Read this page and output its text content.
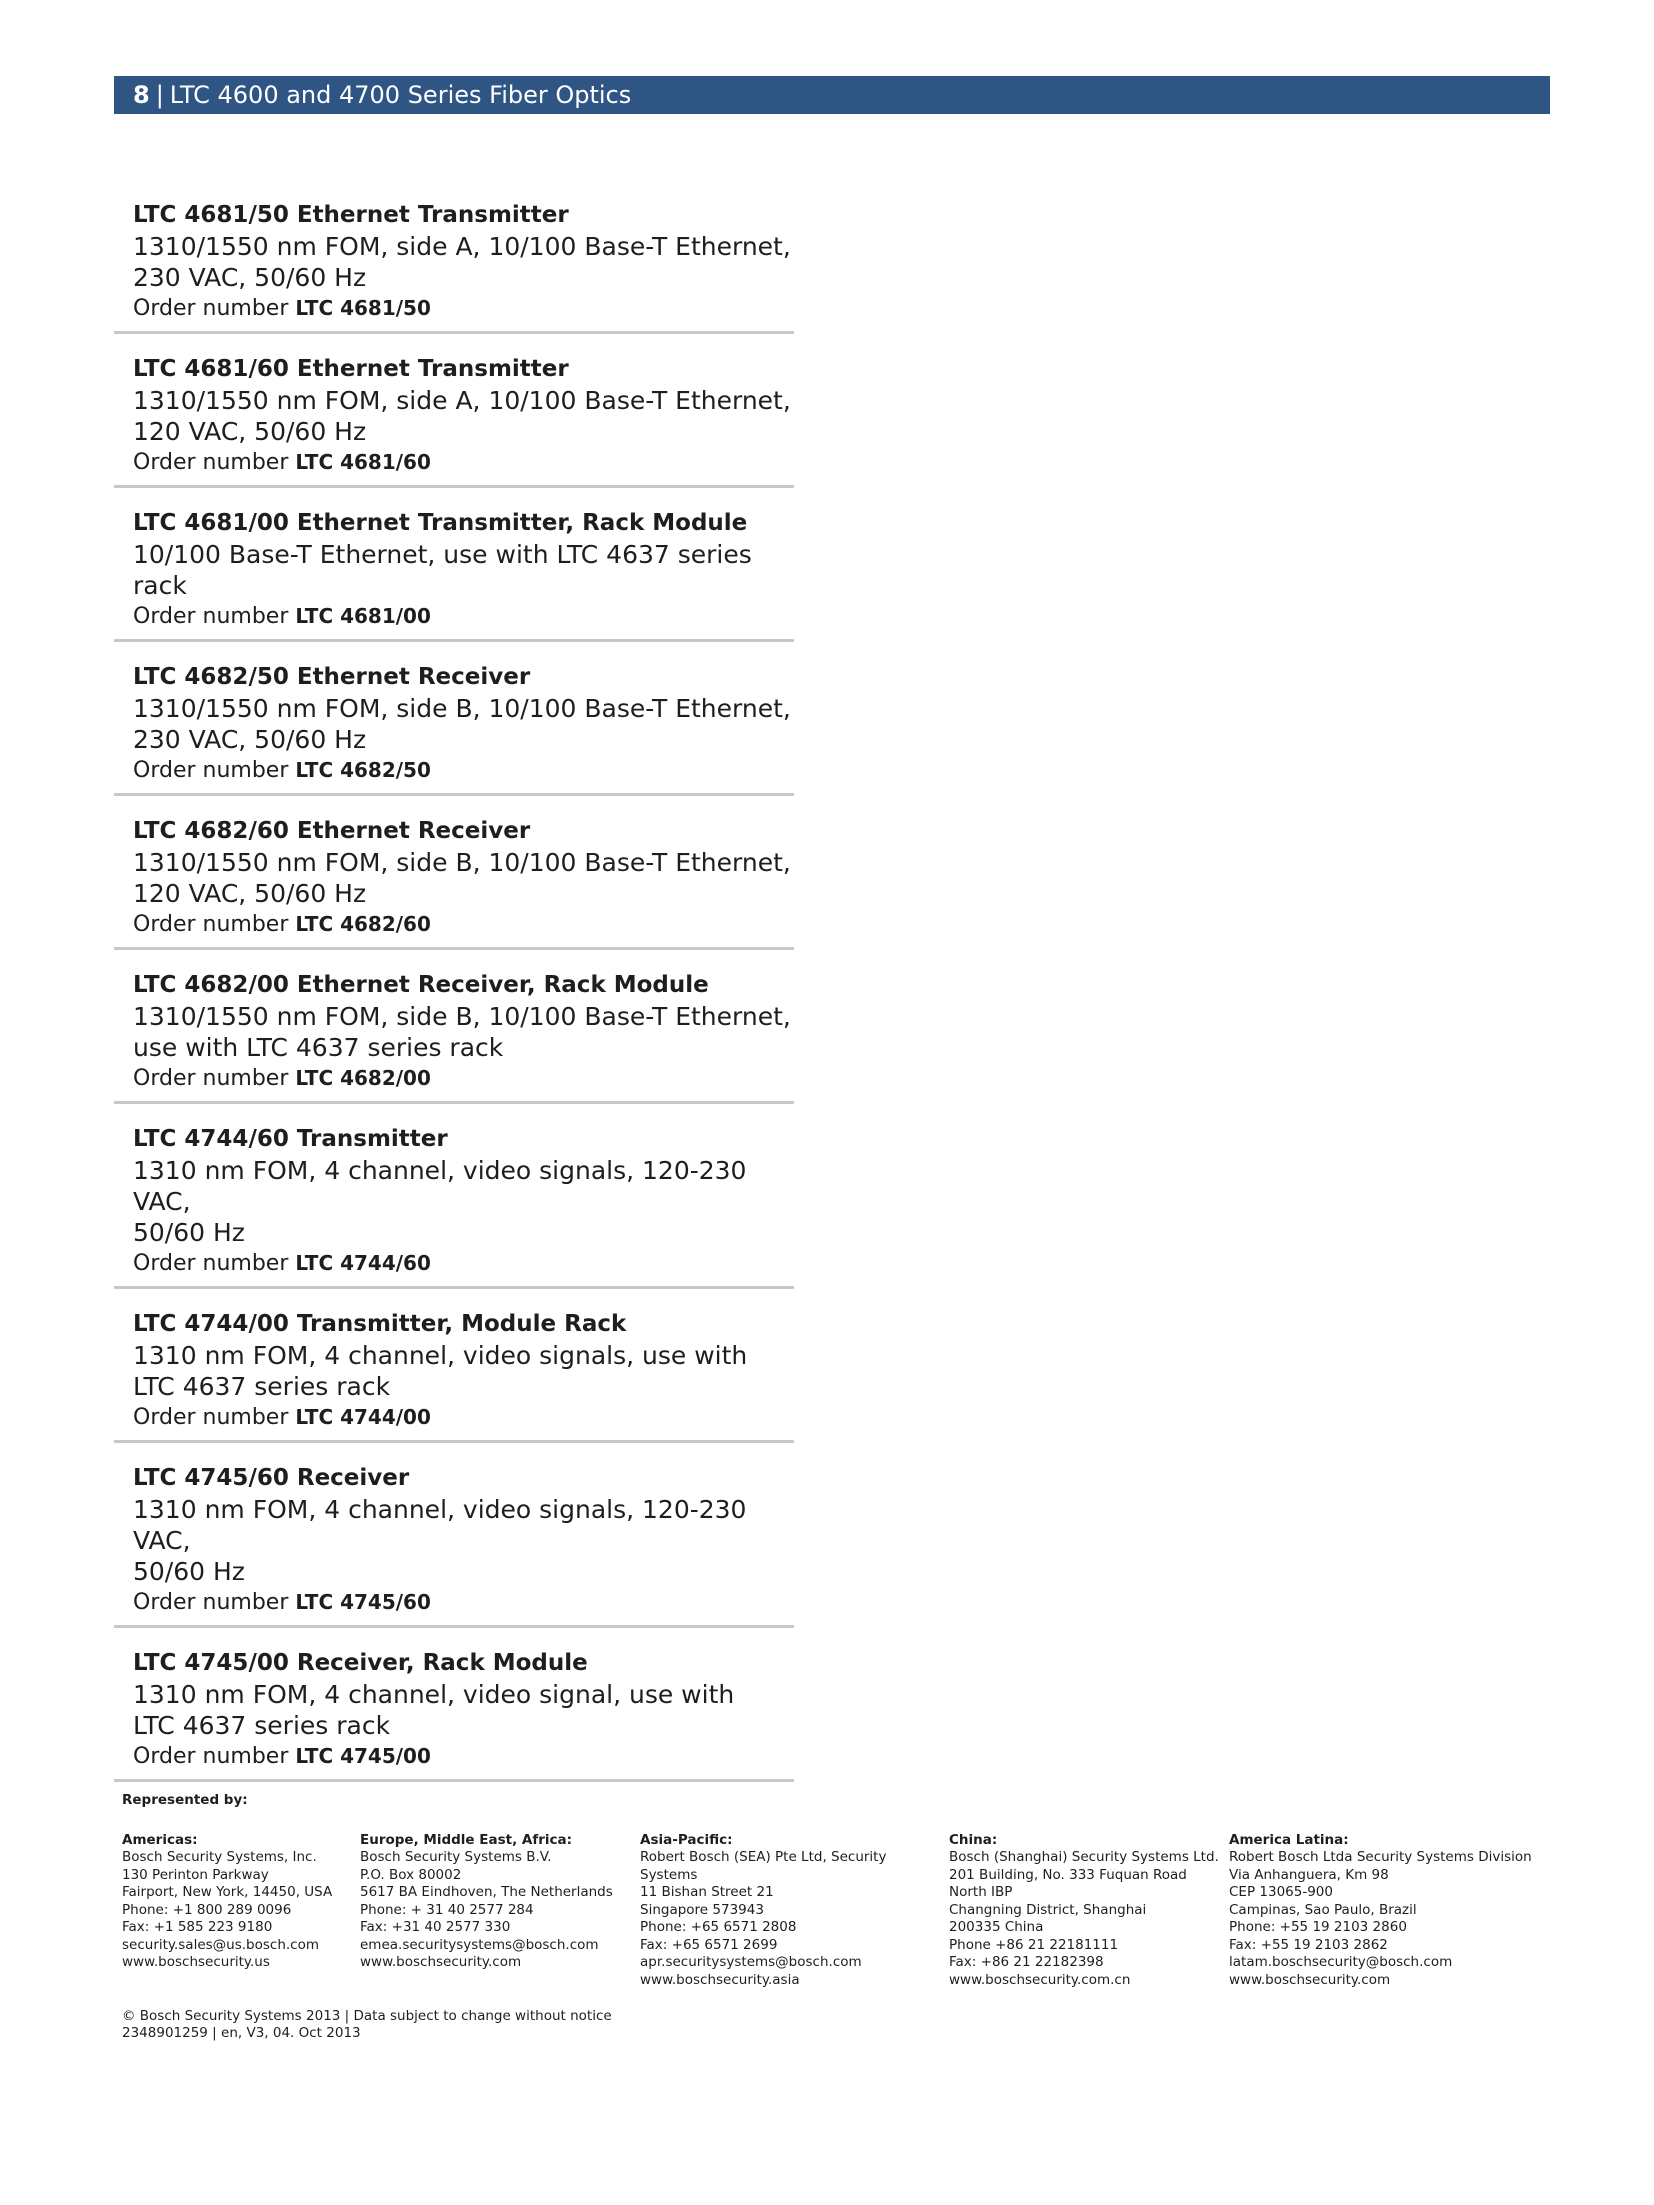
8 | LTC 4600 and 4700 Series Fiber Optics
LTC 4681/50 Ethernet Transmitter
1310/1550 nm FOM, side A, 10/100 Base-T Ethernet,
230 VAC, 50/60 Hz
Order number LTC 4681/50
LTC 4681/60 Ethernet Transmitter
1310/1550 nm FOM, side A, 10/100 Base-T Ethernet,
120 VAC, 50/60 Hz
Order number LTC 4681/60
LTC 4681/00 Ethernet Transmitter, Rack Module
10/100 Base-T Ethernet, use with LTC 4637 series rack
Order number LTC 4681/00
LTC 4682/50 Ethernet Receiver
1310/1550 nm FOM, side B, 10/100 Base-T Ethernet,
230 VAC, 50/60 Hz
Order number LTC 4682/50
LTC 4682/60 Ethernet Receiver
1310/1550 nm FOM, side B, 10/100 Base-T Ethernet,
120 VAC, 50/60 Hz
Order number LTC 4682/60
LTC 4682/00 Ethernet Receiver, Rack Module
1310/1550 nm FOM, side B, 10/100 Base-T Ethernet,
use with LTC 4637 series rack
Order number LTC 4682/00
LTC 4744/60 Transmitter
1310 nm FOM, 4 channel, video signals, 120-230 VAC,
50/60 Hz
Order number LTC 4744/60
LTC 4744/00 Transmitter, Module Rack
1310 nm FOM, 4 channel, video signals, use with
LTC 4637 series rack
Order number LTC 4744/00
LTC 4745/60 Receiver
1310 nm FOM, 4 channel, video signals, 120-230 VAC,
50/60 Hz
Order number LTC 4745/60
LTC 4745/00 Receiver, Rack Module
1310 nm FOM, 4 channel, video signal, use with
LTC 4637 series rack
Order number LTC 4745/00
Represented by:
Americas:
Bosch Security Systems, Inc.
130 Perinton Parkway
Fairport, New York, 14450, USA
Phone: +1 800 289 0096
Fax: +1 585 223 9180
security.sales@us.bosch.com
www.boschsecurity.us
Europe, Middle East, Africa:
Bosch Security Systems B.V.
P.O. Box 80002
5617 BA Eindhoven, The Netherlands
Phone: + 31 40 2577 284
Fax: +31 40 2577 330
emea.securitysystems@bosch.com
www.boschsecurity.com
Asia-Pacific:
Robert Bosch (SEA) Pte Ltd, Security
Systems
11 Bishan Street 21
Singapore 573943
Phone: +65 6571 2808
Fax: +65 6571 2699
apr.securitysystems@bosch.com
www.boschsecurity.asia
China:
Bosch (Shanghai) Security Systems Ltd.
201 Building, No. 333 Fuquan Road
North IBP
Changning District, Shanghai
200335 China
Phone +86 21 22181111
Fax: +86 21 22182398
www.boschsecurity.com.cn
America Latina:
Robert Bosch Ltda Security Systems Division
Via Anhanguera, Km 98
CEP 13065-900
Campinas, Sao Paulo, Brazil
Phone: +55 19 2103 2860
Fax: +55 19 2103 2862
latam.boschsecurity@bosch.com
www.boschsecurity.com
© Bosch Security Systems 2013 | Data subject to change without notice
2348901259 | en, V3, 04. Oct 2013
